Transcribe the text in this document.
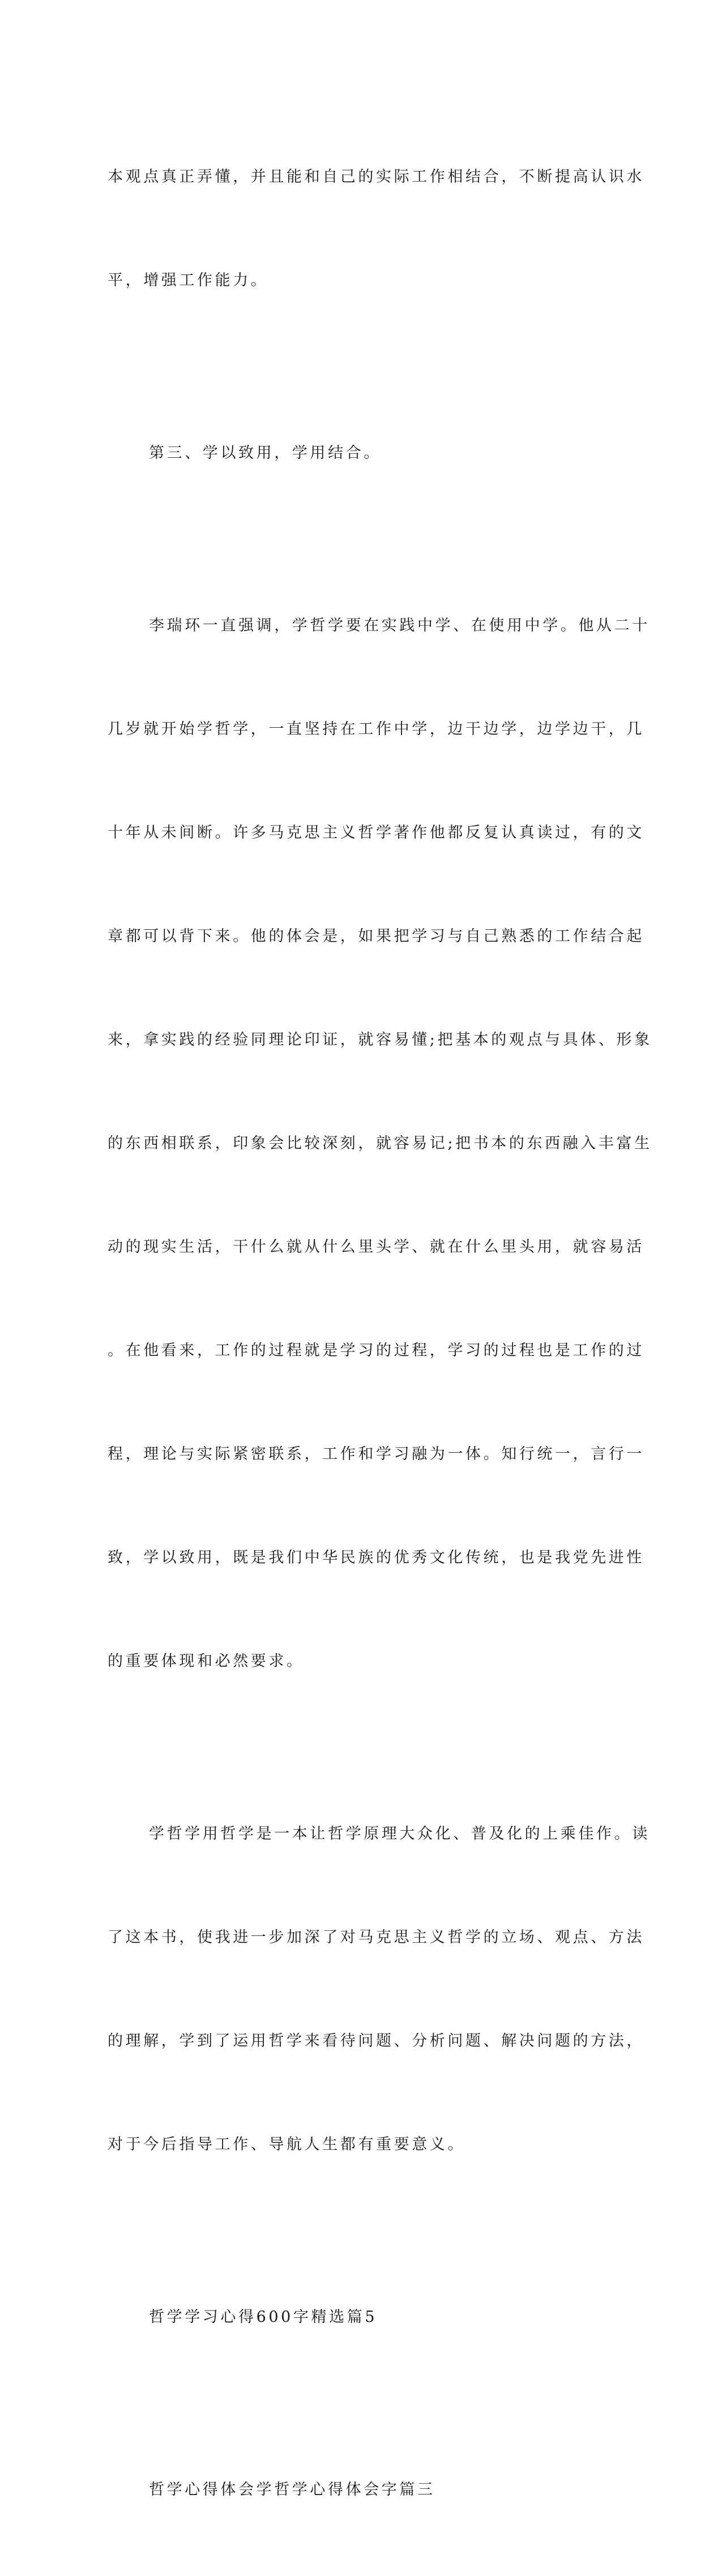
本观点真正弄懂，并且能和自己的实际工作相结合，不断提高认识水

平，增强工作能力。

第三、学以致用，学用结合。

李瑞环一直强调，学哲学要在实践中学、在使用中学。他从二十

几岁就开始学哲学，一直坚持在工作中学，边干边学，边学边干，几

十年从未间断。许多马克思主义哲学著作他都反复认真读过，有的文

章都可以背下来。他的体会是，如果把学习与自己熟悉的工作结合起

来，拿实践的经验同理论印证，就容易懂;把基本的观点与具体、形象

的东西相联系，印象会比较深刻，就容易记;把书本的东西融入丰富生

动的现实生活，干什么就从什么里头学、就在什么里头用，就容易活

。在他看来，工作的过程就是学习的过程，学习的过程也是工作的过

程，理论与实际紧密联系，工作和学习融为一体。知行统一，言行一

致，学以致用，既是我们中华民族的优秀文化传统，也是我党先进性

的重要体现和必然要求。

学哲学用哲学是一本让哲学原理大众化、普及化的上乘佳作。读

了这本书，使我进一步加深了对马克思主义哲学的立场、观点、方法

的理解，学到了运用哲学来看待问题、分析问题、解决问题的方法，

对于今后指导工作、导航人生都有重要意义。

哲学学习心得600字精选篇5

哲学心得体会学哲学心得体会字篇三
